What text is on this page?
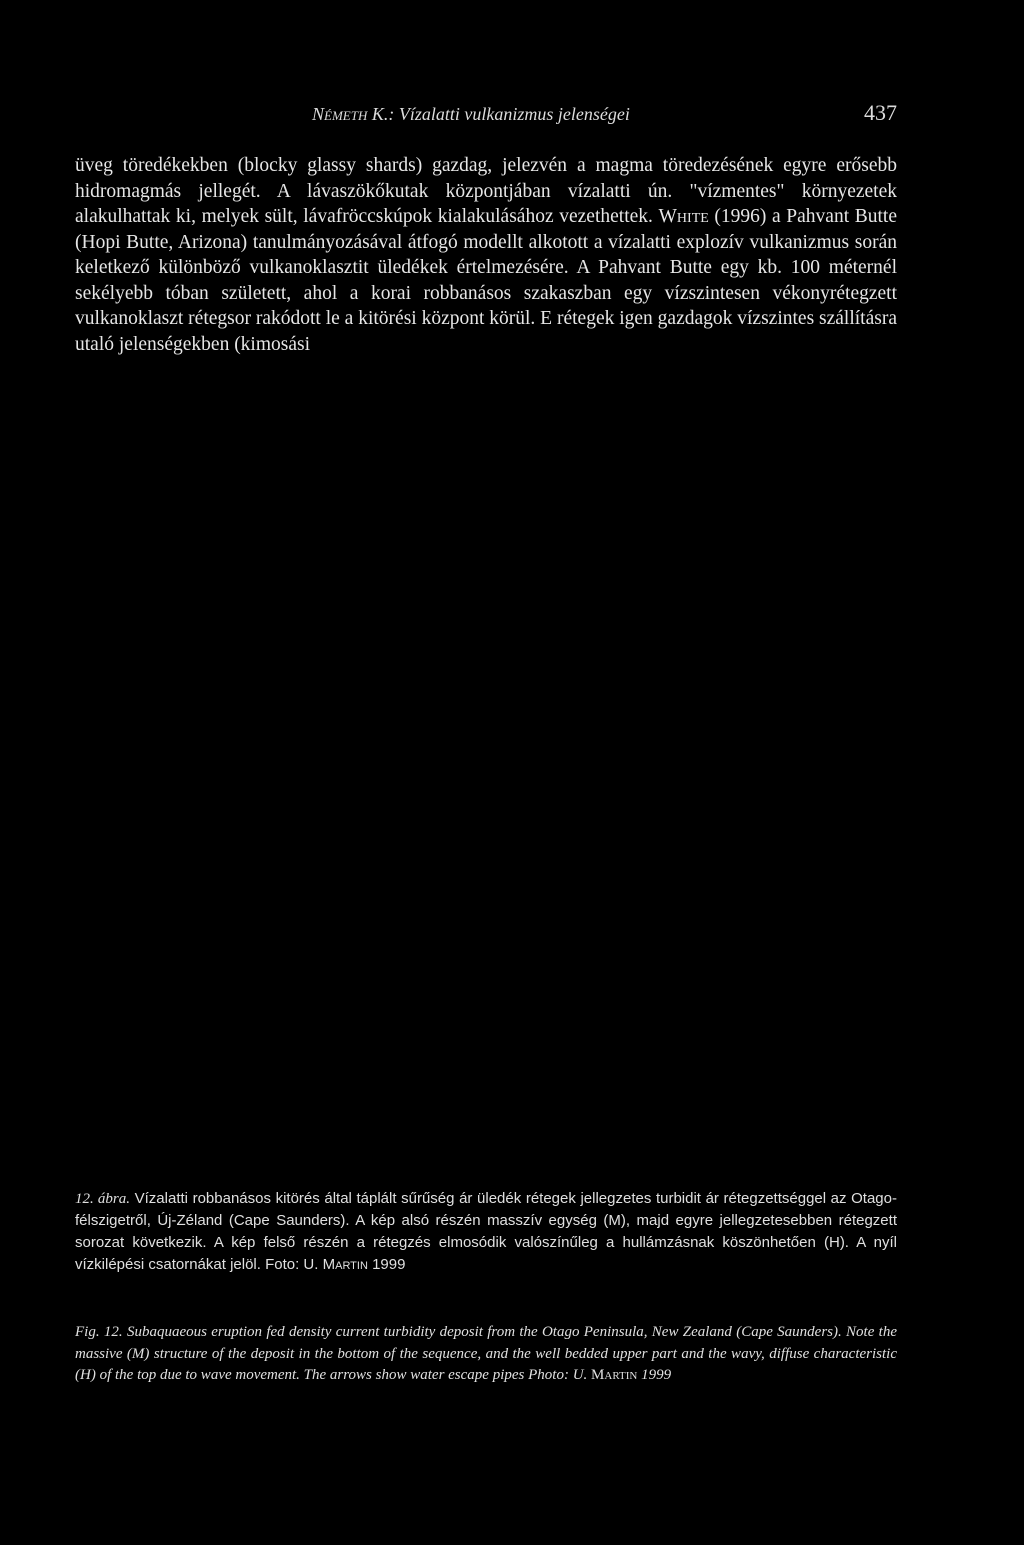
Németh K.: Vízalatti vulkanizmus jelenségei	437

üveg töredékekben (blocky glassy shards) gazdag, jelezvén a magma töredezésének egyre erősebb hidromagmás jellegét. A lávaszökőkutak központjában vízalatti ún. "vízmentes" környezetek alakulhattak ki, melyek sült, lávafröccskúpok kialakulásához vezethettek. White (1996) a Pahvant Butte (Hopi Butte, Arizona) tanulmányozásával átfogó modellt alkotott a vízalatti explozív vulkanizmus során keletkező különböző vulkanoklasztit üledékek értelmezésére. A Pahvant Butte egy kb. 100 méternél sekélyebb tóban született, ahol a korai robbanásos szakaszban egy vízszintesen vékonyrétegzett vulkanoklaszt rétegsor rakódott le a kitörési központ körül. E rétegek igen gazdagok vízszintes szállításra utaló jelenségekben (kimosási

12. ábra. Vízalatti robbanásos kitörés által táplált sűrűség ár üledék rétegek jellegzetes turbidit ár rétegzettséggel az Otago-félszigetről, Új-Zéland (Cape Saunders). A kép alsó részén masszív egység (M), majd egyre jellegzetesebben rétegzett sorozat következik. A kép felső részén a rétegzés elmosódik valószínűleg a hullámzásnak köszönhetően (H). A nyíl vízkilépési csatornákat jelöl. Foto: U. Martin 1999

Fig. 12. Subaquaeous eruption fed density current turbidity deposit from the Otago Peninsula, New Zealand (Cape Saunders). Note the massive (M) structure of the deposit in the bottom of the sequence, and the well bedded upper part and the wavy, diffuse characteristic (H) of the top due to wave movement. The arrows show water escape pipes Photo: U. Martin 1999
